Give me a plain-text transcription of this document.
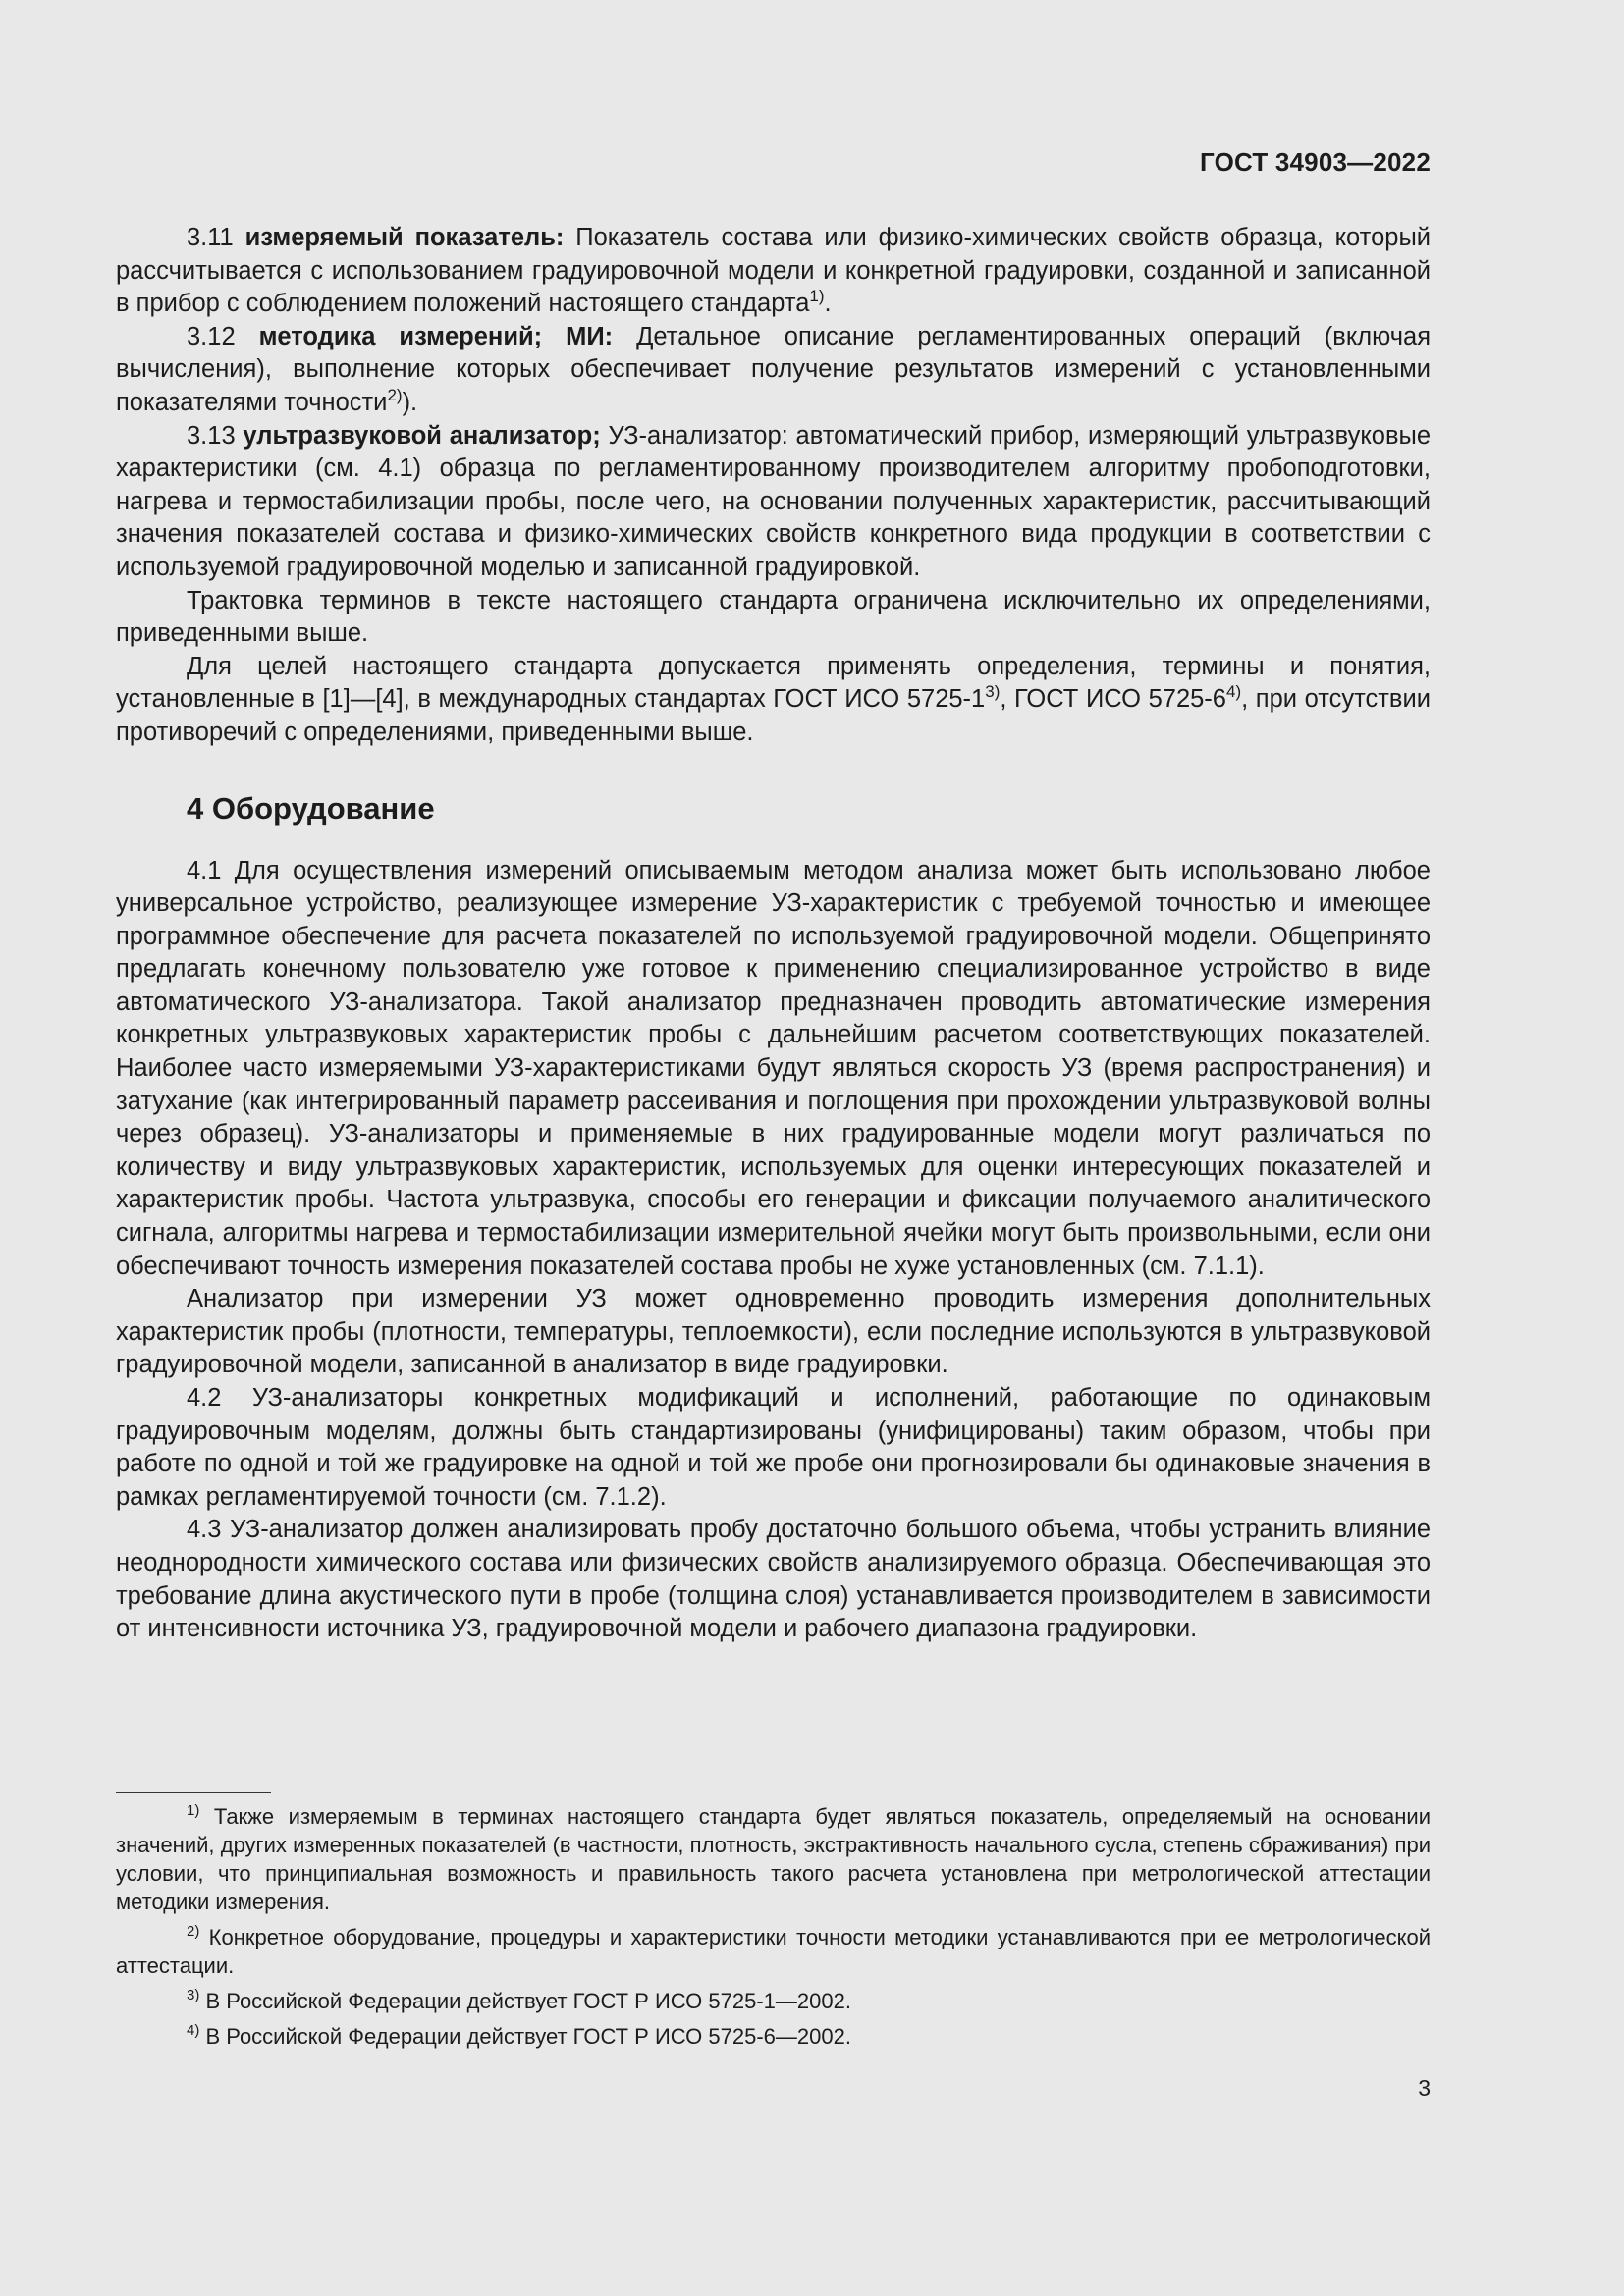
ГОСТ 34903—2022

3.11 измеряемый показатель: Показатель состава или физико-химических свойств образца, который рассчитывается с использованием градуировочной модели и конкретной градуировки, созданной и записанной в прибор с соблюдением положений настоящего стандарта$^{1)}$.

3.12 методика измерений; МИ: Детальное описание регламентированных операций (включая вычисления), выполнение которых обеспечивает получение результатов измерений с установленными показателями точности$^{2)}$).

3.13 ультразвуковой анализатор; УЗ-анализатор: автоматический прибор, измеряющий ультразвуковые характеристики (см. 4.1) образца по регламентированному производителем алгоритму пробоподготовки, нагрева и термостабилизации пробы, после чего, на основании полученных характеристик, рассчитывающий значения показателей состава и физико-химических свойств конкретного вида продукции в соответствии с используемой градуировочной моделью и записанной градуировкой.

Трактовка терминов в тексте настоящего стандарта ограничена исключительно их определениями, приведенными выше.

Для целей настоящего стандарта допускается применять определения, термины и понятия, установленные в [1]—[4], в международных стандартах ГОСТ ИСО 5725-1$^{3)}$, ГОСТ ИСО 5725-6$^{4)}$, при отсутствии противоречий с определениями, приведенными выше.

4 Оборудование

4.1 Для осуществления измерений описываемым методом анализа может быть использовано любое универсальное устройство, реализующее измерение УЗ-характеристик с требуемой точностью и имеющее программное обеспечение для расчета показателей по используемой градуировочной модели. Общепринято предлагать конечному пользователю уже готовое к применению специализированное устройство в виде автоматического УЗ-анализатора. Такой анализатор предназначен проводить автоматические измерения конкретных ультразвуковых характеристик пробы с дальнейшим расчетом соответствующих показателей. Наиболее часто измеряемыми УЗ-характеристиками будут являться скорость УЗ (время распространения) и затухание (как интегрированный параметр рассеивания и поглощения при прохождении ультразвуковой волны через образец). УЗ-анализаторы и применяемые в них градуированные модели могут различаться по количеству и виду ультразвуковых характеристик, используемых для оценки интересующих показателей и характеристик пробы. Частота ультразвука, способы его генерации и фиксации получаемого аналитического сигнала, алгоритмы нагрева и термостабилизации измерительной ячейки могут быть произвольными, если они обеспечивают точность измерения показателей состава пробы не хуже установленных (см. 7.1.1).

Анализатор при измерении УЗ может одновременно проводить измерения дополнительных характеристик пробы (плотности, температуры, теплоемкости), если последние используются в ультразвуковой градуировочной модели, записанной в анализатор в виде градуировки.

4.2 УЗ-анализаторы конкретных модификаций и исполнений, работающие по одинаковым градуировочным моделям, должны быть стандартизированы (унифицированы) таким образом, чтобы при работе по одной и той же градуировке на одной и той же пробе они прогнозировали бы одинаковые значения в рамках регламентируемой точности (см. 7.1.2).

4.3 УЗ-анализатор должен анализировать пробу достаточно большого объема, чтобы устранить влияние неоднородности химического состава или физических свойств анализируемого образца. Обеспечивающая это требование длина акустического пути в пробе (толщина слоя) устанавливается производителем в зависимости от интенсивности источника УЗ, градуировочной модели и рабочего диапазона градуировки.

$^{1)}$ Также измеряемым в терминах настоящего стандарта будет являться показатель, определяемый на основании значений, других измеренных показателей (в частности, плотность, экстрактивность начального сусла, степень сбраживания) при условии, что принципиальная возможность и правильность такого расчета установлена при метрологической аттестации методики измерения.

$^{2)}$ Конкретное оборудование, процедуры и характеристики точности методики устанавливаются при ее метрологической аттестации.

$^{3)}$ В Российской Федерации действует ГОСТ Р ИСО 5725-1—2002.

$^{4)}$ В Российской Федерации действует ГОСТ Р ИСО 5725-6—2002.

3
